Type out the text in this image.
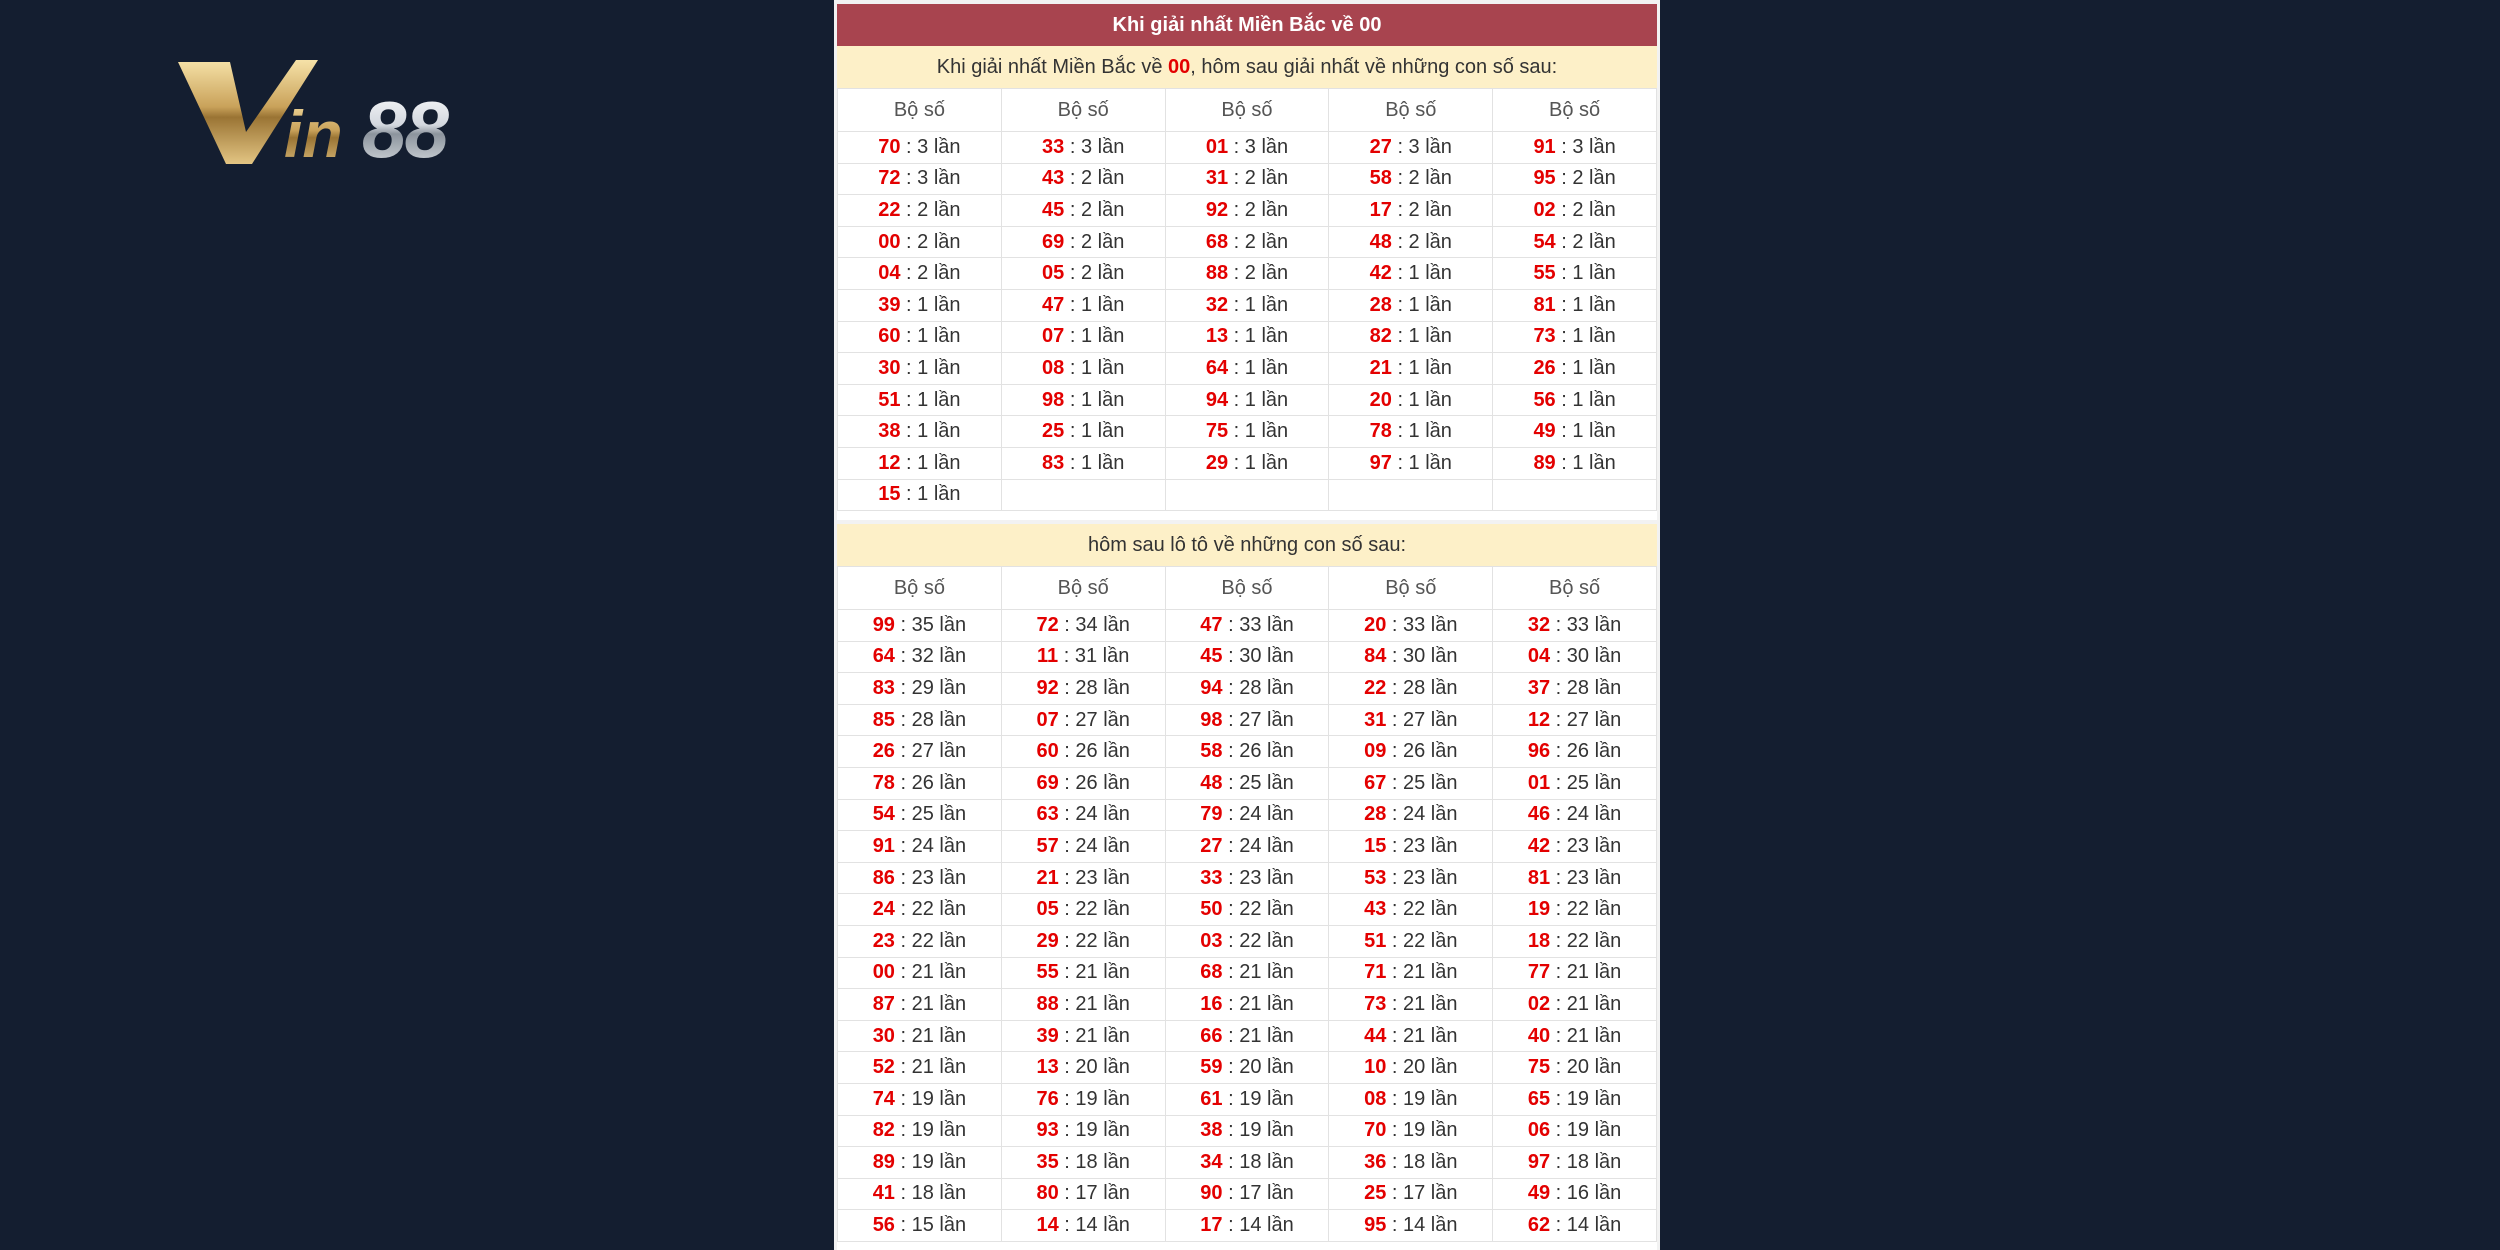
in 88
Khi giải nhất Miền Bắc về 00
Khi giải nhất Miền Bắc về 00, hôm sau giải nhất về những con số sau:
Bộ số	Bộ số	Bộ số	Bộ số	Bộ số
70 : 3 lần	33 : 3 lần	01 : 3 lần	27 : 3 lần	91 : 3 lần
72 : 3 lần	43 : 2 lần	31 : 2 lần	58 : 2 lần	95 : 2 lần
22 : 2 lần	45 : 2 lần	92 : 2 lần	17 : 2 lần	02 : 2 lần
00 : 2 lần	69 : 2 lần	68 : 2 lần	48 : 2 lần	54 : 2 lần
04 : 2 lần	05 : 2 lần	88 : 2 lần	42 : 1 lần	55 : 1 lần
39 : 1 lần	47 : 1 lần	32 : 1 lần	28 : 1 lần	81 : 1 lần
60 : 1 lần	07 : 1 lần	13 : 1 lần	82 : 1 lần	73 : 1 lần
30 : 1 lần	08 : 1 lần	64 : 1 lần	21 : 1 lần	26 : 1 lần
51 : 1 lần	98 : 1 lần	94 : 1 lần	20 : 1 lần	56 : 1 lần
38 : 1 lần	25 : 1 lần	75 : 1 lần	78 : 1 lần	49 : 1 lần
12 : 1 lần	83 : 1 lần	29 : 1 lần	97 : 1 lần	89 : 1 lần
15 : 1 lần				
hôm sau lô tô về những con số sau:
Bộ số	Bộ số	Bộ số	Bộ số	Bộ số
99 : 35 lần	72 : 34 lần	47 : 33 lần	20 : 33 lần	32 : 33 lần
64 : 32 lần	11 : 31 lần	45 : 30 lần	84 : 30 lần	04 : 30 lần
83 : 29 lần	92 : 28 lần	94 : 28 lần	22 : 28 lần	37 : 28 lần
85 : 28 lần	07 : 27 lần	98 : 27 lần	31 : 27 lần	12 : 27 lần
26 : 27 lần	60 : 26 lần	58 : 26 lần	09 : 26 lần	96 : 26 lần
78 : 26 lần	69 : 26 lần	48 : 25 lần	67 : 25 lần	01 : 25 lần
54 : 25 lần	63 : 24 lần	79 : 24 lần	28 : 24 lần	46 : 24 lần
91 : 24 lần	57 : 24 lần	27 : 24 lần	15 : 23 lần	42 : 23 lần
86 : 23 lần	21 : 23 lần	33 : 23 lần	53 : 23 lần	81 : 23 lần
24 : 22 lần	05 : 22 lần	50 : 22 lần	43 : 22 lần	19 : 22 lần
23 : 22 lần	29 : 22 lần	03 : 22 lần	51 : 22 lần	18 : 22 lần
00 : 21 lần	55 : 21 lần	68 : 21 lần	71 : 21 lần	77 : 21 lần
87 : 21 lần	88 : 21 lần	16 : 21 lần	73 : 21 lần	02 : 21 lần
30 : 21 lần	39 : 21 lần	66 : 21 lần	44 : 21 lần	40 : 21 lần
52 : 21 lần	13 : 20 lần	59 : 20 lần	10 : 20 lần	75 : 20 lần
74 : 19 lần	76 : 19 lần	61 : 19 lần	08 : 19 lần	65 : 19 lần
82 : 19 lần	93 : 19 lần	38 : 19 lần	70 : 19 lần	06 : 19 lần
89 : 19 lần	35 : 18 lần	34 : 18 lần	36 : 18 lần	97 : 18 lần
41 : 18 lần	80 : 17 lần	90 : 17 lần	25 : 17 lần	49 : 16 lần
56 : 15 lần	14 : 14 lần	17 : 14 lần	95 : 14 lần	62 : 14 lần
